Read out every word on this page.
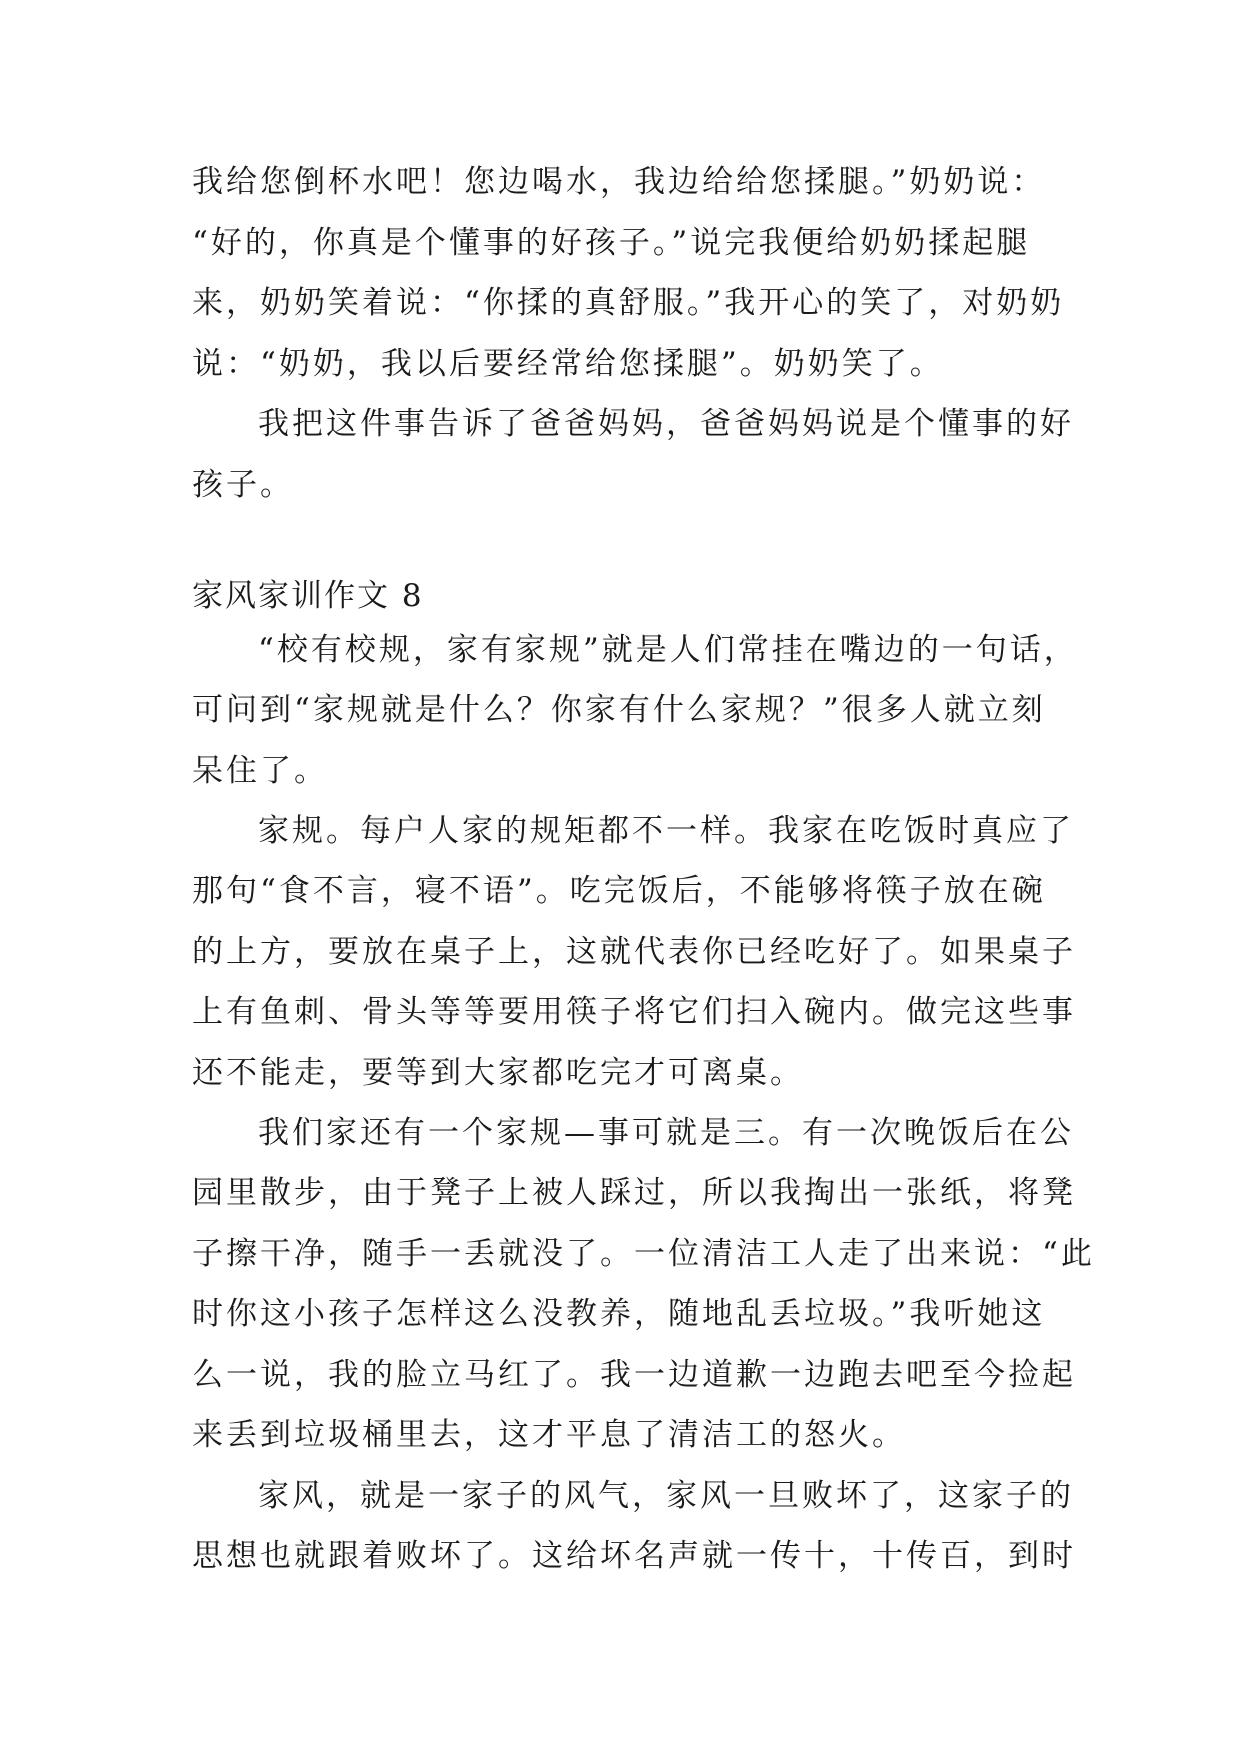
我给您倒杯水吧！您边喝水，我边给给您揉腿。”奶奶说：
“好的，你真是个懂事的好孩子。”说完我便给奶奶揉起腿
来，奶奶笑着说：“你揉的真舒服。”我开心的笑了，对奶奶
说：“奶奶，我以后要经常给您揉腿”。奶奶笑了。
我把这件事告诉了爸爸妈妈，爸爸妈妈说是个懂事的好
孩子。
家风家训作文 8
“校有校规，家有家规”就是人们常挂在嘴边的一句话，
可问到“家规就是什么？你家有什么家规？”很多人就立刻
呆住了。
家规。每户人家的规矩都不一样。我家在吃饭时真应了
那句“食不言，寝不语”。吃完饭后，不能够将筷子放在碗
的上方，要放在桌子上，这就代表你已经吃好了。如果桌子
上有鱼刺、骨头等等要用筷子将它们扫入碗内。做完这些事
还不能走，要等到大家都吃完才可离桌。
我们家还有一个家规—事可就是三。有一次晚饭后在公
园里散步，由于凳子上被人踩过，所以我掏出一张纸，将凳
子擦干净，随手一丢就没了。一位清洁工人走了出来说：“此
时你这小孩子怎样这么没教养，随地乱丢垃圾。”我听她这
么一说，我的脸立马红了。我一边道歉一边跑去吧至今捡起
来丢到垃圾桶里去，这才平息了清洁工的怒火。
家风，就是一家子的风气，家风一旦败坏了，这家子的
思想也就跟着败坏了。这给坏名声就一传十，十传百，到时
